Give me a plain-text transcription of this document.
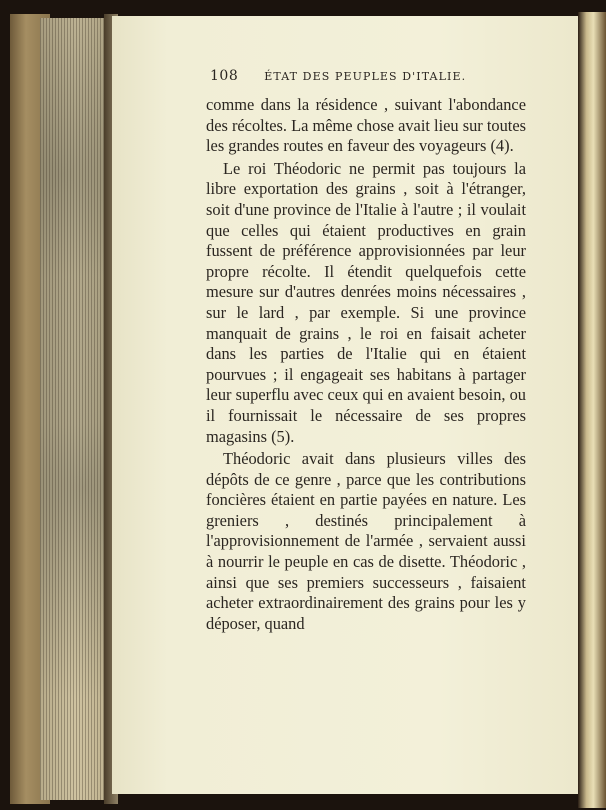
108 ÉTAT DES PEUPLES D'ITALIE.

comme dans la résidence , suivant l'abondance des récoltes. La même chose avait lieu sur toutes les grandes routes en faveur des voyageurs (4).

Le roi Théodoric ne permit pas toujours la libre exportation des grains , soit à l'étranger, soit d'une province de l'Italie à l'autre ; il voulait que celles qui étaient productives en grain fussent de préférence approvisionnées par leur propre récolte. Il étendit quelquefois cette mesure sur d'autres denrées moins nécessaires , sur le lard , par exemple. Si une province manquait de grains , le roi en faisait acheter dans les parties de l'Italie qui en étaient pourvues ; il engageait ses habitans à partager leur superflu avec ceux qui en avaient besoin, ou il fournissait le nécessaire de ses propres magasins (5).

Théodoric avait dans plusieurs villes des dépôts de ce genre , parce que les contributions foncières étaient en partie payées en nature. Les greniers , destinés principalement à l'approvisionnement de l'armée , servaient aussi à nourrir le peuple en cas de disette. Théodoric , ainsi que ses premiers successeurs , faisaient acheter extraordinairement des grains pour les y déposer, quand
